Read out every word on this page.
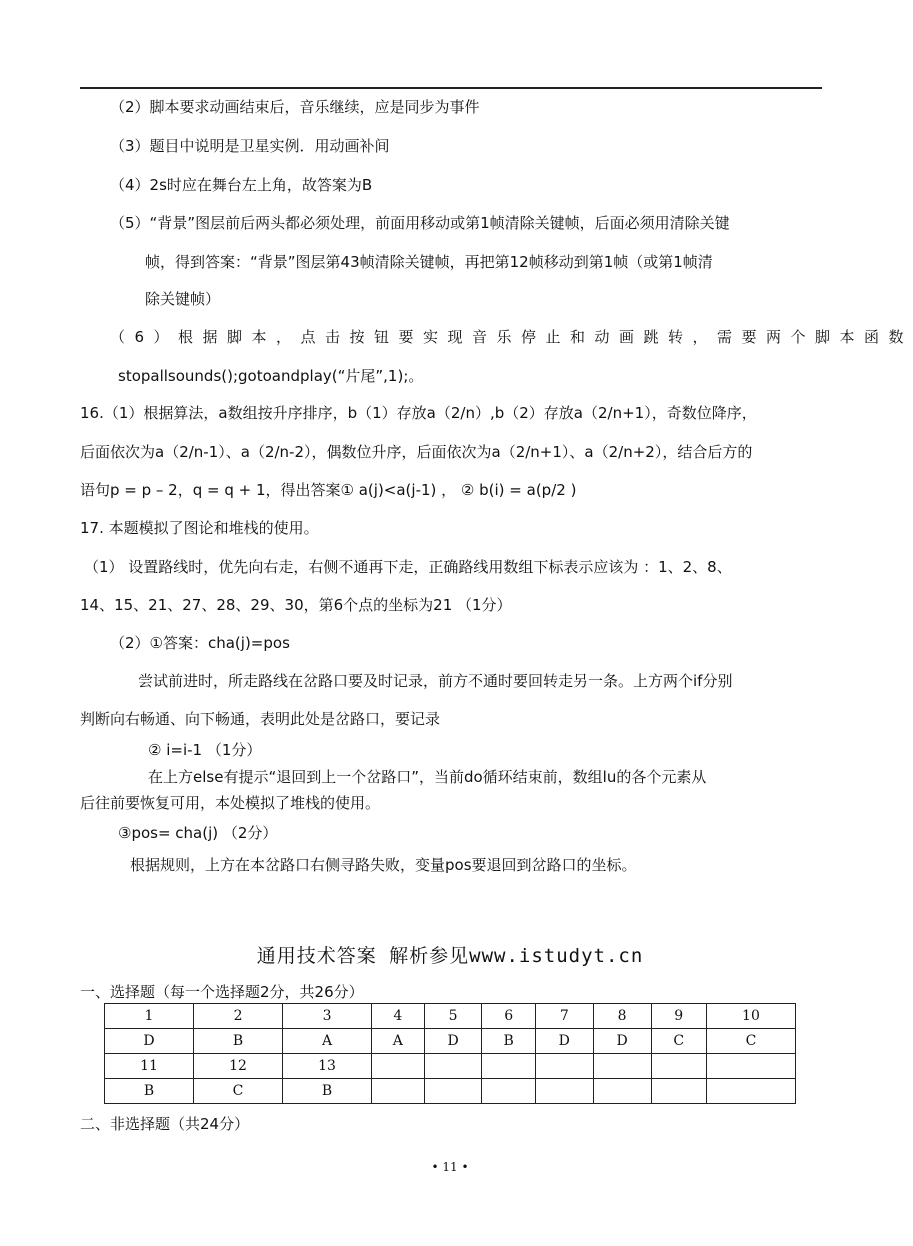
（2）脚本要求动画结束后，音乐继续，应是同步为事件
（3）题目中说明是卫星实例．用动画补间
（4）2s时应在舞台左上角，故答案为B
（5）“背景”图层前后两头都必须处理，前面用移动或第1帧清除关键帧，后面必须用清除关键
帧，得到答案：“背景”图层第43帧清除关键帧，再把第12帧移动到第1帧（或第1帧清
除关键帧）
（6）根据脚本，点击按钮要实现音乐停止和动画跳转，需要两个脚本函数
stopallsounds();gotoandplay(“片尾”,1);。
16.（1）根据算法，a数组按升序排序，b（1）存放a（2/n）,b（2）存放a（2/n+1），奇数位降序，
后面依次为a（2/n-1）、a（2/n-2），偶数位升序，后面依次为a（2/n+1）、a（2/n+2），结合后方的
语句p = p – 2，q = q + 1，得出答案① a(j)<a(j-1) ， ② b(i) = a(p/2 )
17. 本题模拟了图论和堆栈的使用。
（1） 设置路线时，优先向右走，右侧不通再下走，正确路线用数组下标表示应该为 ：1、2、8、
14、15、21、27、28、29、30，第6个点的坐标为21 （1分）
（2）①答案：cha(j)=pos
尝试前进时，所走路线在岔路口要及时记录，前方不通时要回转走另一条。上方两个if分别
判断向右畅通、向下畅通，表明此处是岔路口，要记录
② i=i-1 （1分）
在上方else有提示“退回到上一个岔路口”，当前do循环结束前，数组lu的各个元素从
后往前要恢复可用，本处模拟了堆栈的使用。
③pos= cha(j) （2分）
根据规则，上方在本岔路口右侧寻路失败，变量pos要退回到岔路口的坐标。
通用技术答案 解析参见www.istudyt.cn
一、选择题（每一个选择题2分，共26分）
1	2	3	4	5	6	7	8	9	10
D	B	A	A	D	B	D	D	C	C
11	12	13							
B	C	B							
二、非选择题（共24分）
• 11 •
